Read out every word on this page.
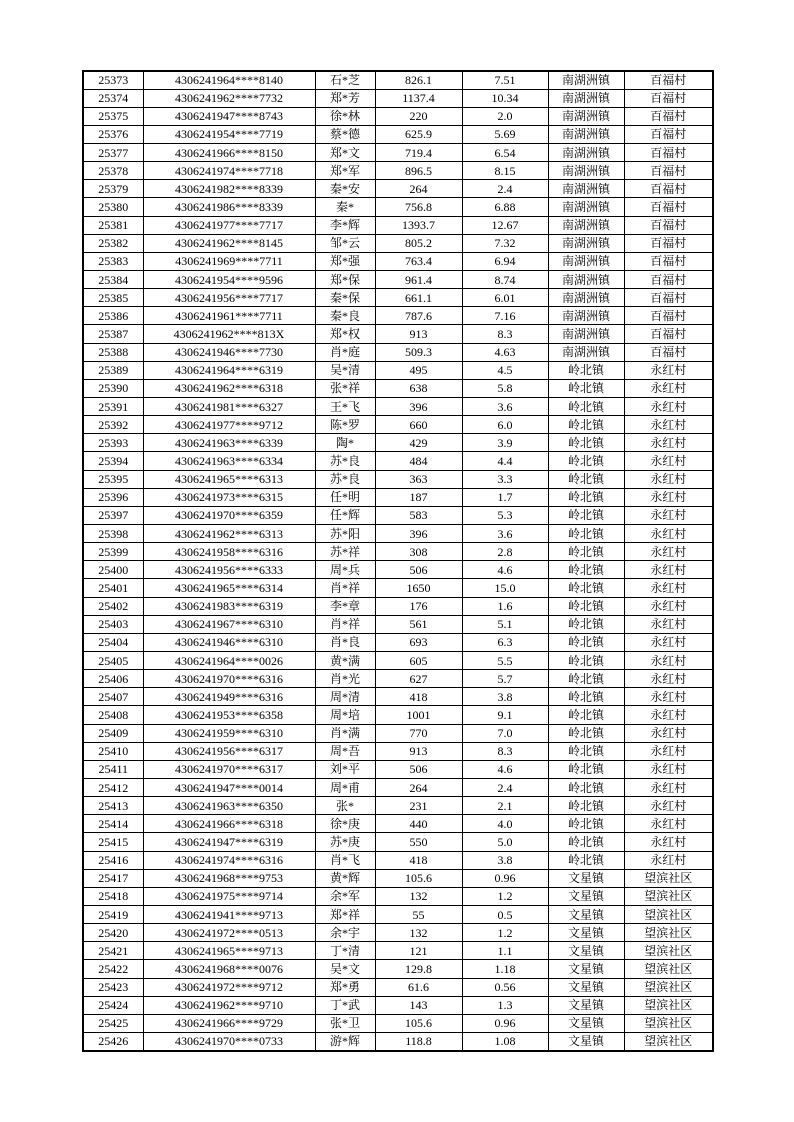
25373	4306241964****8140	石*芝	826.1	7.51	南湖洲镇	百福村
25374	4306241962****7732	郑*芳	1137.4	10.34	南湖洲镇	百福村
25375	4306241947****8743	徐*林	220	2.0	南湖洲镇	百福村
25376	4306241954****7719	蔡*德	625.9	5.69	南湖洲镇	百福村
25377	4306241966****8150	郑*文	719.4	6.54	南湖洲镇	百福村
25378	4306241974****7718	郑*军	896.5	8.15	南湖洲镇	百福村
25379	4306241982****8339	秦*安	264	2.4	南湖洲镇	百福村
25380	4306241986****8339	秦*	756.8	6.88	南湖洲镇	百福村
25381	4306241977****7717	李*辉	1393.7	12.67	南湖洲镇	百福村
25382	4306241962****8145	邹*云	805.2	7.32	南湖洲镇	百福村
25383	4306241969****7711	郑*强	763.4	6.94	南湖洲镇	百福村
25384	4306241954****9596	郑*保	961.4	8.74	南湖洲镇	百福村
25385	4306241956****7717	秦*保	661.1	6.01	南湖洲镇	百福村
25386	4306241961****7711	秦*良	787.6	7.16	南湖洲镇	百福村
25387	4306241962****813X	郑*权	913	8.3	南湖洲镇	百福村
25388	4306241946****7730	肖*庭	509.3	4.63	南湖洲镇	百福村
25389	4306241964****6319	吴*清	495	4.5	岭北镇	永红村
25390	4306241962****6318	张*祥	638	5.8	岭北镇	永红村
25391	4306241981****6327	王*飞	396	3.6	岭北镇	永红村
25392	4306241977****9712	陈*罗	660	6.0	岭北镇	永红村
25393	4306241963****6339	陶*	429	3.9	岭北镇	永红村
25394	4306241963****6334	苏*良	484	4.4	岭北镇	永红村
25395	4306241965****6313	苏*良	363	3.3	岭北镇	永红村
25396	4306241973****6315	任*明	187	1.7	岭北镇	永红村
25397	4306241970****6359	任*辉	583	5.3	岭北镇	永红村
25398	4306241962****6313	苏*阳	396	3.6	岭北镇	永红村
25399	4306241958****6316	苏*祥	308	2.8	岭北镇	永红村
25400	4306241956****6333	周*兵	506	4.6	岭北镇	永红村
25401	4306241965****6314	肖*祥	1650	15.0	岭北镇	永红村
25402	4306241983****6319	李*章	176	1.6	岭北镇	永红村
25403	4306241967****6310	肖*祥	561	5.1	岭北镇	永红村
25404	4306241946****6310	肖*良	693	6.3	岭北镇	永红村
25405	4306241964****0026	黄*满	605	5.5	岭北镇	永红村
25406	4306241970****6316	肖*光	627	5.7	岭北镇	永红村
25407	4306241949****6316	周*清	418	3.8	岭北镇	永红村
25408	4306241953****6358	周*培	1001	9.1	岭北镇	永红村
25409	4306241959****6310	肖*满	770	7.0	岭北镇	永红村
25410	4306241956****6317	周*吾	913	8.3	岭北镇	永红村
25411	4306241970****6317	刘*平	506	4.6	岭北镇	永红村
25412	4306241947****0014	周*甫	264	2.4	岭北镇	永红村
25413	4306241963****6350	张*	231	2.1	岭北镇	永红村
25414	4306241966****6318	徐*庚	440	4.0	岭北镇	永红村
25415	4306241947****6319	苏*庚	550	5.0	岭北镇	永红村
25416	4306241974****6316	肖*飞	418	3.8	岭北镇	永红村
25417	4306241968****9753	黄*辉	105.6	0.96	文星镇	望滨社区
25418	4306241975****9714	余*军	132	1.2	文星镇	望滨社区
25419	4306241941****9713	郑*祥	55	0.5	文星镇	望滨社区
25420	4306241972****0513	余*宇	132	1.2	文星镇	望滨社区
25421	4306241965****9713	丁*清	121	1.1	文星镇	望滨社区
25422	4306241968****0076	吴*文	129.8	1.18	文星镇	望滨社区
25423	4306241972****9712	郑*勇	61.6	0.56	文星镇	望滨社区
25424	4306241962****9710	丁*武	143	1.3	文星镇	望滨社区
25425	4306241966****9729	张*卫	105.6	0.96	文星镇	望滨社区
25426	4306241970****0733	游*辉	118.8	1.08	文星镇	望滨社区
